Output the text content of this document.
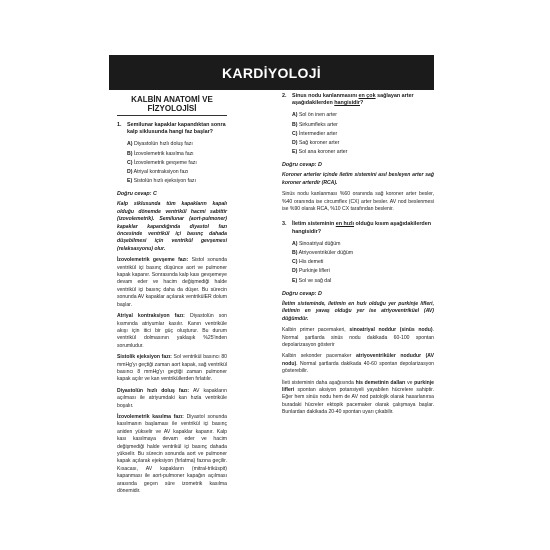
KARDİYOLOJİ
KALBİN ANATOMİ VE FİZYOLOJİSİ
1.	Semilunar kapaklar kapandıktan sonra kalp siklusunda hangi faz başlar?
A) Diyastolün hızlı doluş fazı
B) İzovolemetrik kasılma fazı
C) İzovolemetrik gevşeme fazı
D) Atriyal kontraksiyon fazı
E) Sistolün hızlı ejeksiyon fazı
Doğru cevap: C
Kalp siklusunda tüm kapakların kapalı olduğu dönemde ventrikül hacmi sabittir (izovolemetrik). Semilunar (aort-pulmoner) kapaklar kapandığında diyastol fazı öncesinde ventrikül içi basınç dahada düşebilmesi için ventrikül gevşemesi (relaksasyonu) olur.
İzovolemetrik gevşeme fazı: Sistol sonunda ventrikül içi basınç düşünce aort ve pulmoner kapak kapanır. Sonrasında kalp kası gevşemeye devam eder ve hacim değişmediği halde ventrikül içi basınç daha da düşer. Bu sürecin sonunda AV kapaklar açılarak ventrikülER dolum başlar.
Atriyal kontraksiyon fazı: Diyastolün son kısmında atriyumlar kasılır. Kanın ventriküle akışı için itici bir güç oluşturur. Bu durum ventrikül dolmasının yaklaşık %25'inden sorumludur.
Sistolik ejeksiyon fazı: Sol ventrikül basıncı 80 mmHg'yı geçtiği zaman aort kapak, sağ ventrikül basıncı 8 mmHg'yı geçtiği zaman pulmoner kapak açılır ve kan ventriküllerden fırlatılır.
Diyastolün hızlı doluş fazı: AV kapakların açılması ile atriyumdaki kan hızla ventriküle boşalır.
İzovolemetrik kasılma fazı: Diyastol sonunda kasılmanın başlaması ile ventrikül içi basınç aniden yükselir ve AV kapaklar kapanır. Kalp kası kasılmaya devam eder ve hacim değişmediği halde ventrikül içi basınç dahada yükselir. Bu sürecin sonunda aort ve pulmoner kapak açılarak ejeksiyon (fırlatma) fazına geçilir. Kısacası, AV kapakların (mitral-triküspit) kapanması ile aort-pulmoner kapağın açılması arasında geçen süre izometrik kasılma dönemidir.
2.	Sinus nodu kanlanmasını en çok sağlayan arter aşağıdakilerden hangisidir?
A) Sol ön inen arter
B) Sirkumfleks arter
C) İntermedier arter
D) Sağ koroner arter
E) Sol ana koroner arter
Doğru cevap: D
Koroner arterler içinde iletim sistemini asıl besleyen arter sağ koroner arterdir (RCA).
Sinüs nodu kanlanması %60 oranında sağ koroner arter besler, %40 oranında ise circumflex (CX) arter besler. AV nod beslenmesi ise %90 olarak RCA, %10 CX tarafından beslenir.
3.	İletim sisteminin en hızlı olduğu kısım aşağıdakilerden hangisidir?
A) Sinoatriyal düğüm
B) Atriyoventriküler düğüm
C) His demeti
D) Purkinje lifleri
E) Sol ve sağ dal
Doğru cevap: D
İletim sisteminde, iletimin en hızlı olduğu yer purkinje lifleri, iletimin en yavaş olduğu yer ise atriyoventriküel (AV) düğümdür.
Kalbin primer pacemakeri, sinoatriyal noddur (sinüs nodu). Normal şartlarda sinüs nodu dakikada 60-100 spontan depolarizasyon gösterir
Kalbin sekonder pacemaker atriyoventriküler nodudur (AV nodu). Normal şartlarda dakikada 40-60 spontan depolarizasyon gösterebilir.
İleti sisteminin daha aşağısında his demetinin dalları ve purkinje lifleri spontan aksiyon potansiyeli yayabilen hücrelere sahiptir. Eğer hem sinüs nodu hem de AV nod patolojik olarak hasarlanırsa buradaki hücreler ektopik pacemaker olarak çalışmaya başlar. Bunlardan dakikada 20-40 spontan uyarı çıkabilir.
